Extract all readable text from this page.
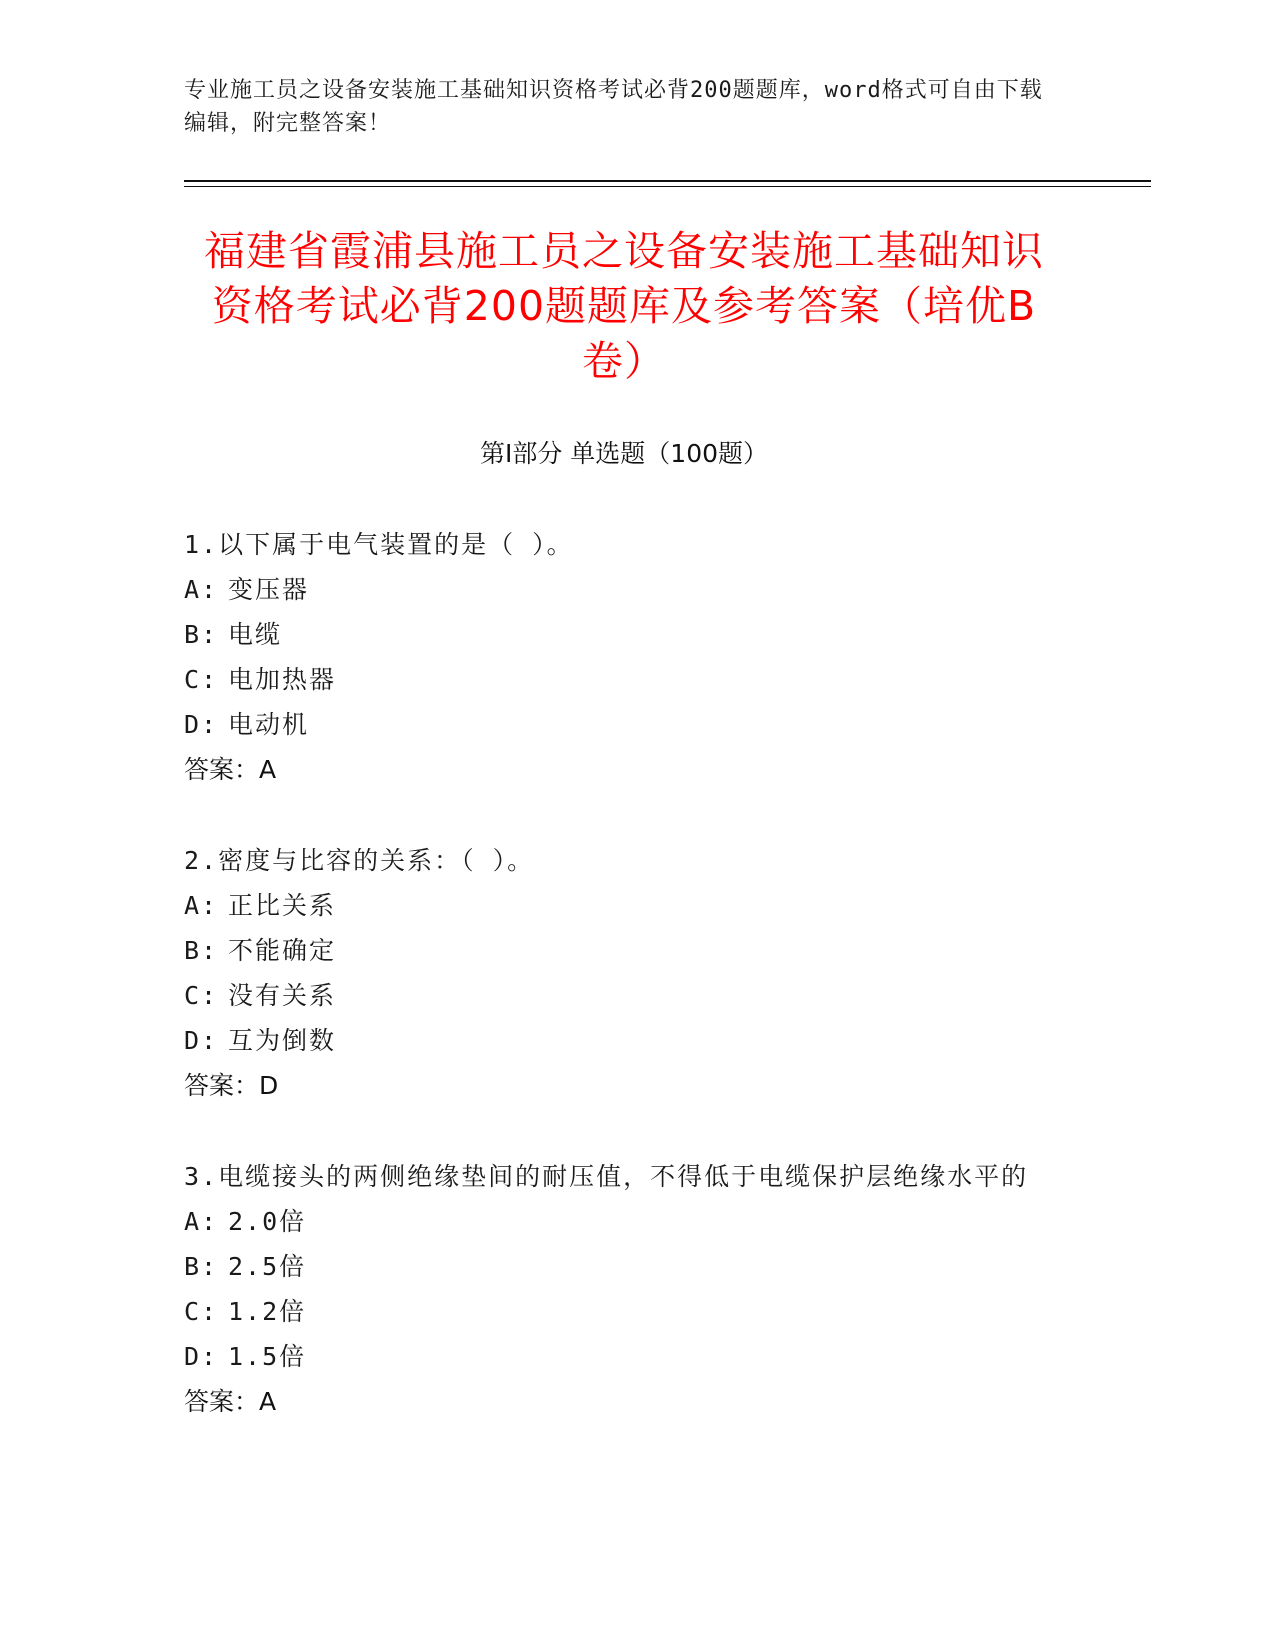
专业施工员之设备安装施工基础知识资格考试必背200题题库，word格式可自由下载编辑，附完整答案！
福建省霞浦县施工员之设备安装施工基础知识资格考试必背200题题库及参考答案（培优B卷）
第I部分 单选题（100题）
1.以下属于电气装置的是（ ）。
A: 变压器
B: 电缆
C: 电加热器
D: 电动机
答案：A
2.密度与比容的关系：（ ）。
A: 正比关系
B: 不能确定
C: 没有关系
D: 互为倒数
答案：D
3.电缆接头的两侧绝缘垫间的耐压值，不得低于电缆保护层绝缘水平的
A: 2.0倍
B: 2.5倍
C: 1.2倍
D: 1.5倍
答案：A
